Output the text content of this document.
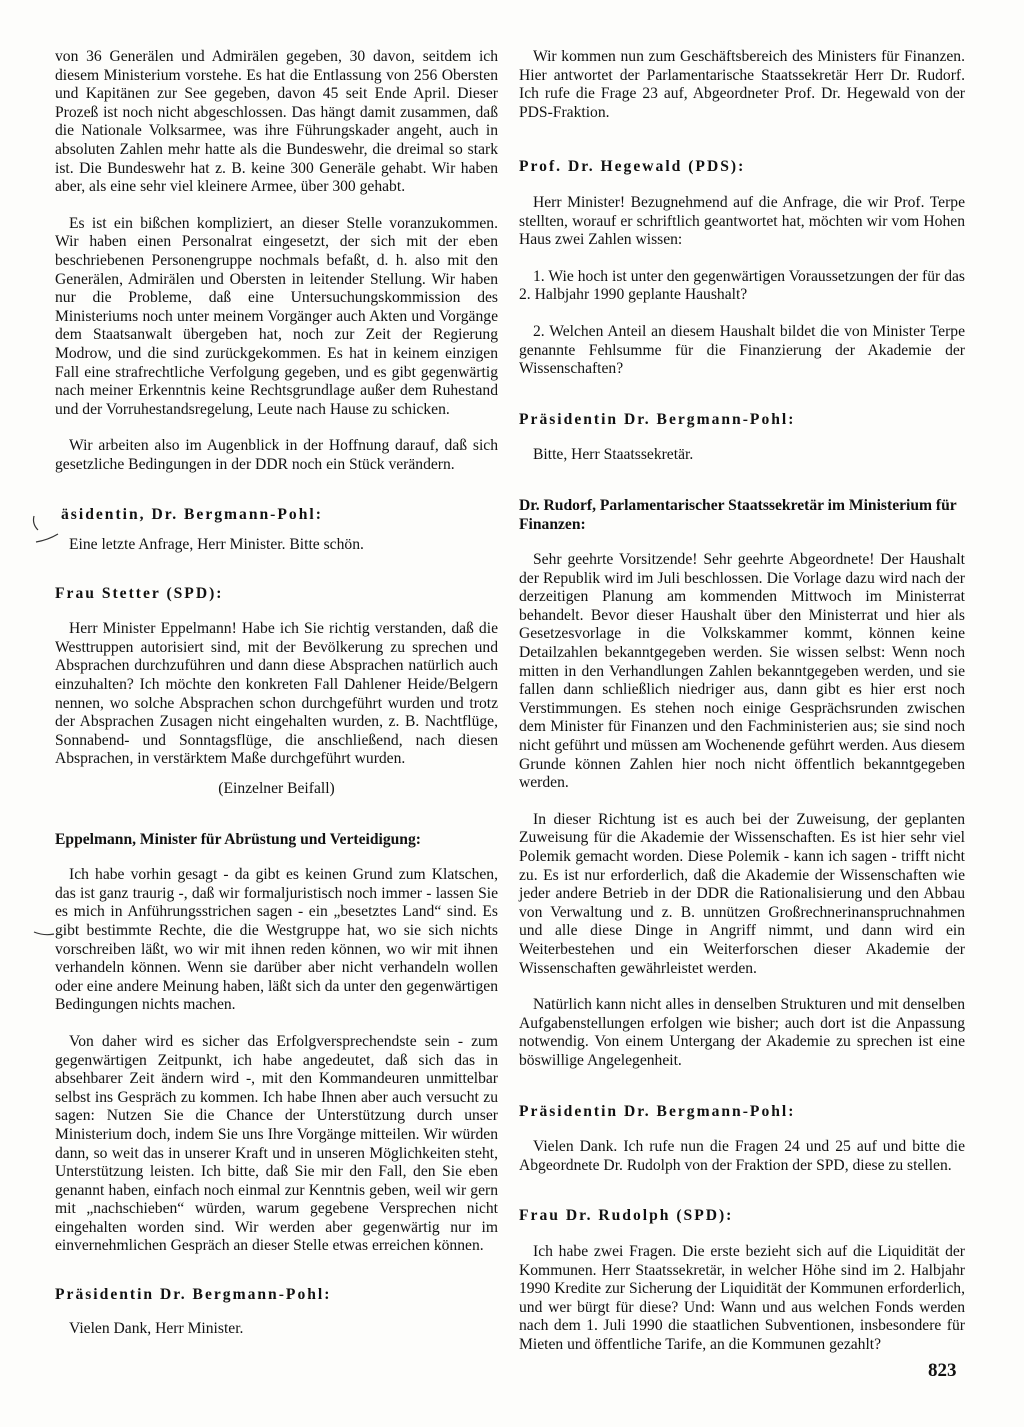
von 36 Generälen und Admirälen gegeben, 30 davon, seitdem ich diesem Ministerium vorstehe. Es hat die Entlassung von 256 Obersten und Kapitänen zur See gegeben, davon 45 seit Ende April. Dieser Prozeß ist noch nicht abgeschlossen. Das hängt damit zusammen, daß die Nationale Volksarmee, was ihre Führungskader angeht, auch in absoluten Zahlen mehr hatte als die Bundeswehr, die dreimal so stark ist. Die Bundeswehr hat z. B. keine 300 Generäle gehabt. Wir haben aber, als eine sehr viel kleinere Armee, über 300 gehabt.

Es ist ein bißchen kompliziert, an dieser Stelle voranzukommen. Wir haben einen Personalrat eingesetzt, der sich mit der eben beschriebenen Personengruppe nochmals befaßt, d. h. also mit den Generälen, Admirälen und Obersten in leitender Stellung. Wir haben nur die Probleme, daß eine Untersuchungskommission des Ministeriums noch unter meinem Vorgänger auch Akten und Vorgänge dem Staatsanwalt übergeben hat, noch zur Zeit der Regierung Modrow, und die sind zurückgekommen. Es hat in keinem einzigen Fall eine strafrechtliche Verfolgung gegeben, und es gibt gegenwärtig nach meiner Erkenntnis keine Rechtsgrundlage außer dem Ruhestand und der Vorruhestandsregelung, Leute nach Hause zu schicken.

Wir arbeiten also im Augenblick in der Hoffnung darauf, daß sich gesetzliche Bedingungen in der DDR noch ein Stück verändern.

äsidentin, Dr. Bergmann-Pohl:

Eine letzte Anfrage, Herr Minister. Bitte schön.

Frau Stetter (SPD):

Herr Minister Eppelmann! Habe ich Sie richtig verstanden, daß die Westtruppen autorisiert sind, mit der Bevölkerung zu sprechen und Absprachen durchzuführen und dann diese Absprachen natürlich auch einzuhalten? Ich möchte den konkreten Fall Dahlener Heide/Belgern nennen, wo solche Absprachen schon durchgeführt wurden und trotz der Absprachen Zusagen nicht eingehalten wurden, z. B. Nachtflüge, Sonnabend- und Sonntagsflüge, die anschließend, nach diesen Absprachen, in verstärktem Maße durchgeführt wurden.

(Einzelner Beifall)

Eppelmann, Minister für Abrüstung und Verteidigung:

Ich habe vorhin gesagt - da gibt es keinen Grund zum Klatschen, das ist ganz traurig -, daß wir formaljuristisch noch immer - lassen Sie es mich in Anführungsstrichen sagen - ein „besetztes Land“ sind. Es gibt bestimmte Rechte, die die Westgruppe hat, wo sie sich nichts vorschreiben läßt, wo wir mit ihnen reden können, wo wir mit ihnen verhandeln können. Wenn sie darüber aber nicht verhandeln wollen oder eine andere Meinung haben, läßt sich da unter den gegenwärtigen Bedingungen nichts machen.

Von daher wird es sicher das Erfolgversprechendste sein - zum gegenwärtigen Zeitpunkt, ich habe angedeutet, daß sich das in absehbarer Zeit ändern wird -, mit den Kommandeuren unmittelbar selbst ins Gespräch zu kommen. Ich habe Ihnen aber auch versucht zu sagen: Nutzen Sie die Chance der Unterstützung durch unser Ministerium doch, indem Sie uns Ihre Vorgänge mitteilen. Wir würden dann, so weit das in unserer Kraft und in unseren Möglichkeiten steht, Unterstützung leisten. Ich bitte, daß Sie mir den Fall, den Sie eben genannt haben, einfach noch einmal zur Kenntnis geben, weil wir gern mit „nachschieben“ würden, warum gegebene Versprechen nicht eingehalten worden sind. Wir werden aber gegenwärtig nur im einvernehmlichen Gespräch an dieser Stelle etwas erreichen können.

Präsidentin Dr. Bergmann-Pohl:

Vielen Dank, Herr Minister.

Wir kommen nun zum Geschäftsbereich des Ministers für Finanzen. Hier antwortet der Parlamentarische Staatssekretär Herr Dr. Rudorf. Ich rufe die Frage 23 auf, Abgeordneter Prof. Dr. Hegewald von der PDS-Fraktion.

Prof. Dr. Hegewald (PDS):

Herr Minister! Bezugnehmend auf die Anfrage, die wir Prof. Terpe stellten, worauf er schriftlich geantwortet hat, möchten wir vom Hohen Haus zwei Zahlen wissen:

1. Wie hoch ist unter den gegenwärtigen Voraussetzungen der für das 2. Halbjahr 1990 geplante Haushalt?

2. Welchen Anteil an diesem Haushalt bildet die von Minister Terpe genannte Fehlsumme für die Finanzierung der Akademie der Wissenschaften?

Präsidentin Dr. Bergmann-Pohl:

Bitte, Herr Staatssekretär.

Dr. Rudorf, Parlamentarischer Staatssekretär im Ministerium für Finanzen:

Sehr geehrte Vorsitzende! Sehr geehrte Abgeordnete! Der Haushalt der Republik wird im Juli beschlossen. Die Vorlage dazu wird nach der derzeitigen Planung am kommenden Mittwoch im Ministerrat behandelt. Bevor dieser Haushalt über den Ministerrat und hier als Gesetzesvorlage in die Volkskammer kommt, können keine Detailzahlen bekanntgegeben werden. Sie wissen selbst: Wenn noch mitten in den Verhandlungen Zahlen bekanntgegeben werden, und sie fallen dann schließlich niedriger aus, dann gibt es hier erst noch Verstimmungen. Es stehen noch einige Gesprächsrunden zwischen dem Minister für Finanzen und den Fachministerien aus; sie sind noch nicht geführt und müssen am Wochenende geführt werden. Aus diesem Grunde können Zahlen hier noch nicht öffentlich bekanntgegeben werden.

In dieser Richtung ist es auch bei der Zuweisung, der geplanten Zuweisung für die Akademie der Wissenschaften. Es ist hier sehr viel Polemik gemacht worden. Diese Polemik - kann ich sagen - trifft nicht zu. Es ist nur erforderlich, daß die Akademie der Wissenschaften wie jeder andere Betrieb in der DDR die Rationalisierung und den Abbau von Verwaltung und z. B. unnützen Großrechnerinanspruchnahmen und alle diese Dinge in Angriff nimmt, und dann wird ein Weiterbestehen und ein Weiterforschen dieser Akademie der Wissenschaften gewährleistet werden.

Natürlich kann nicht alles in denselben Strukturen und mit denselben Aufgabenstellungen erfolgen wie bisher; auch dort ist die Anpassung notwendig. Von einem Untergang der Akademie zu sprechen ist eine böswillige Angelegenheit.

Präsidentin Dr. Bergmann-Pohl:

Vielen Dank. Ich rufe nun die Fragen 24 und 25 auf und bitte die Abgeordnete Dr. Rudolph von der Fraktion der SPD, diese zu stellen.

Frau Dr. Rudolph (SPD):

Ich habe zwei Fragen. Die erste bezieht sich auf die Liquidität der Kommunen. Herr Staatssekretär, in welcher Höhe sind im 2. Halbjahr 1990 Kredite zur Sicherung der Liquidität der Kommunen erforderlich, und wer bürgt für diese? Und: Wann und aus welchen Fonds werden nach dem 1. Juli 1990 die staatlichen Subventionen, insbesondere für Mieten und öffentliche Tarife, an die Kommunen gezahlt?

823
